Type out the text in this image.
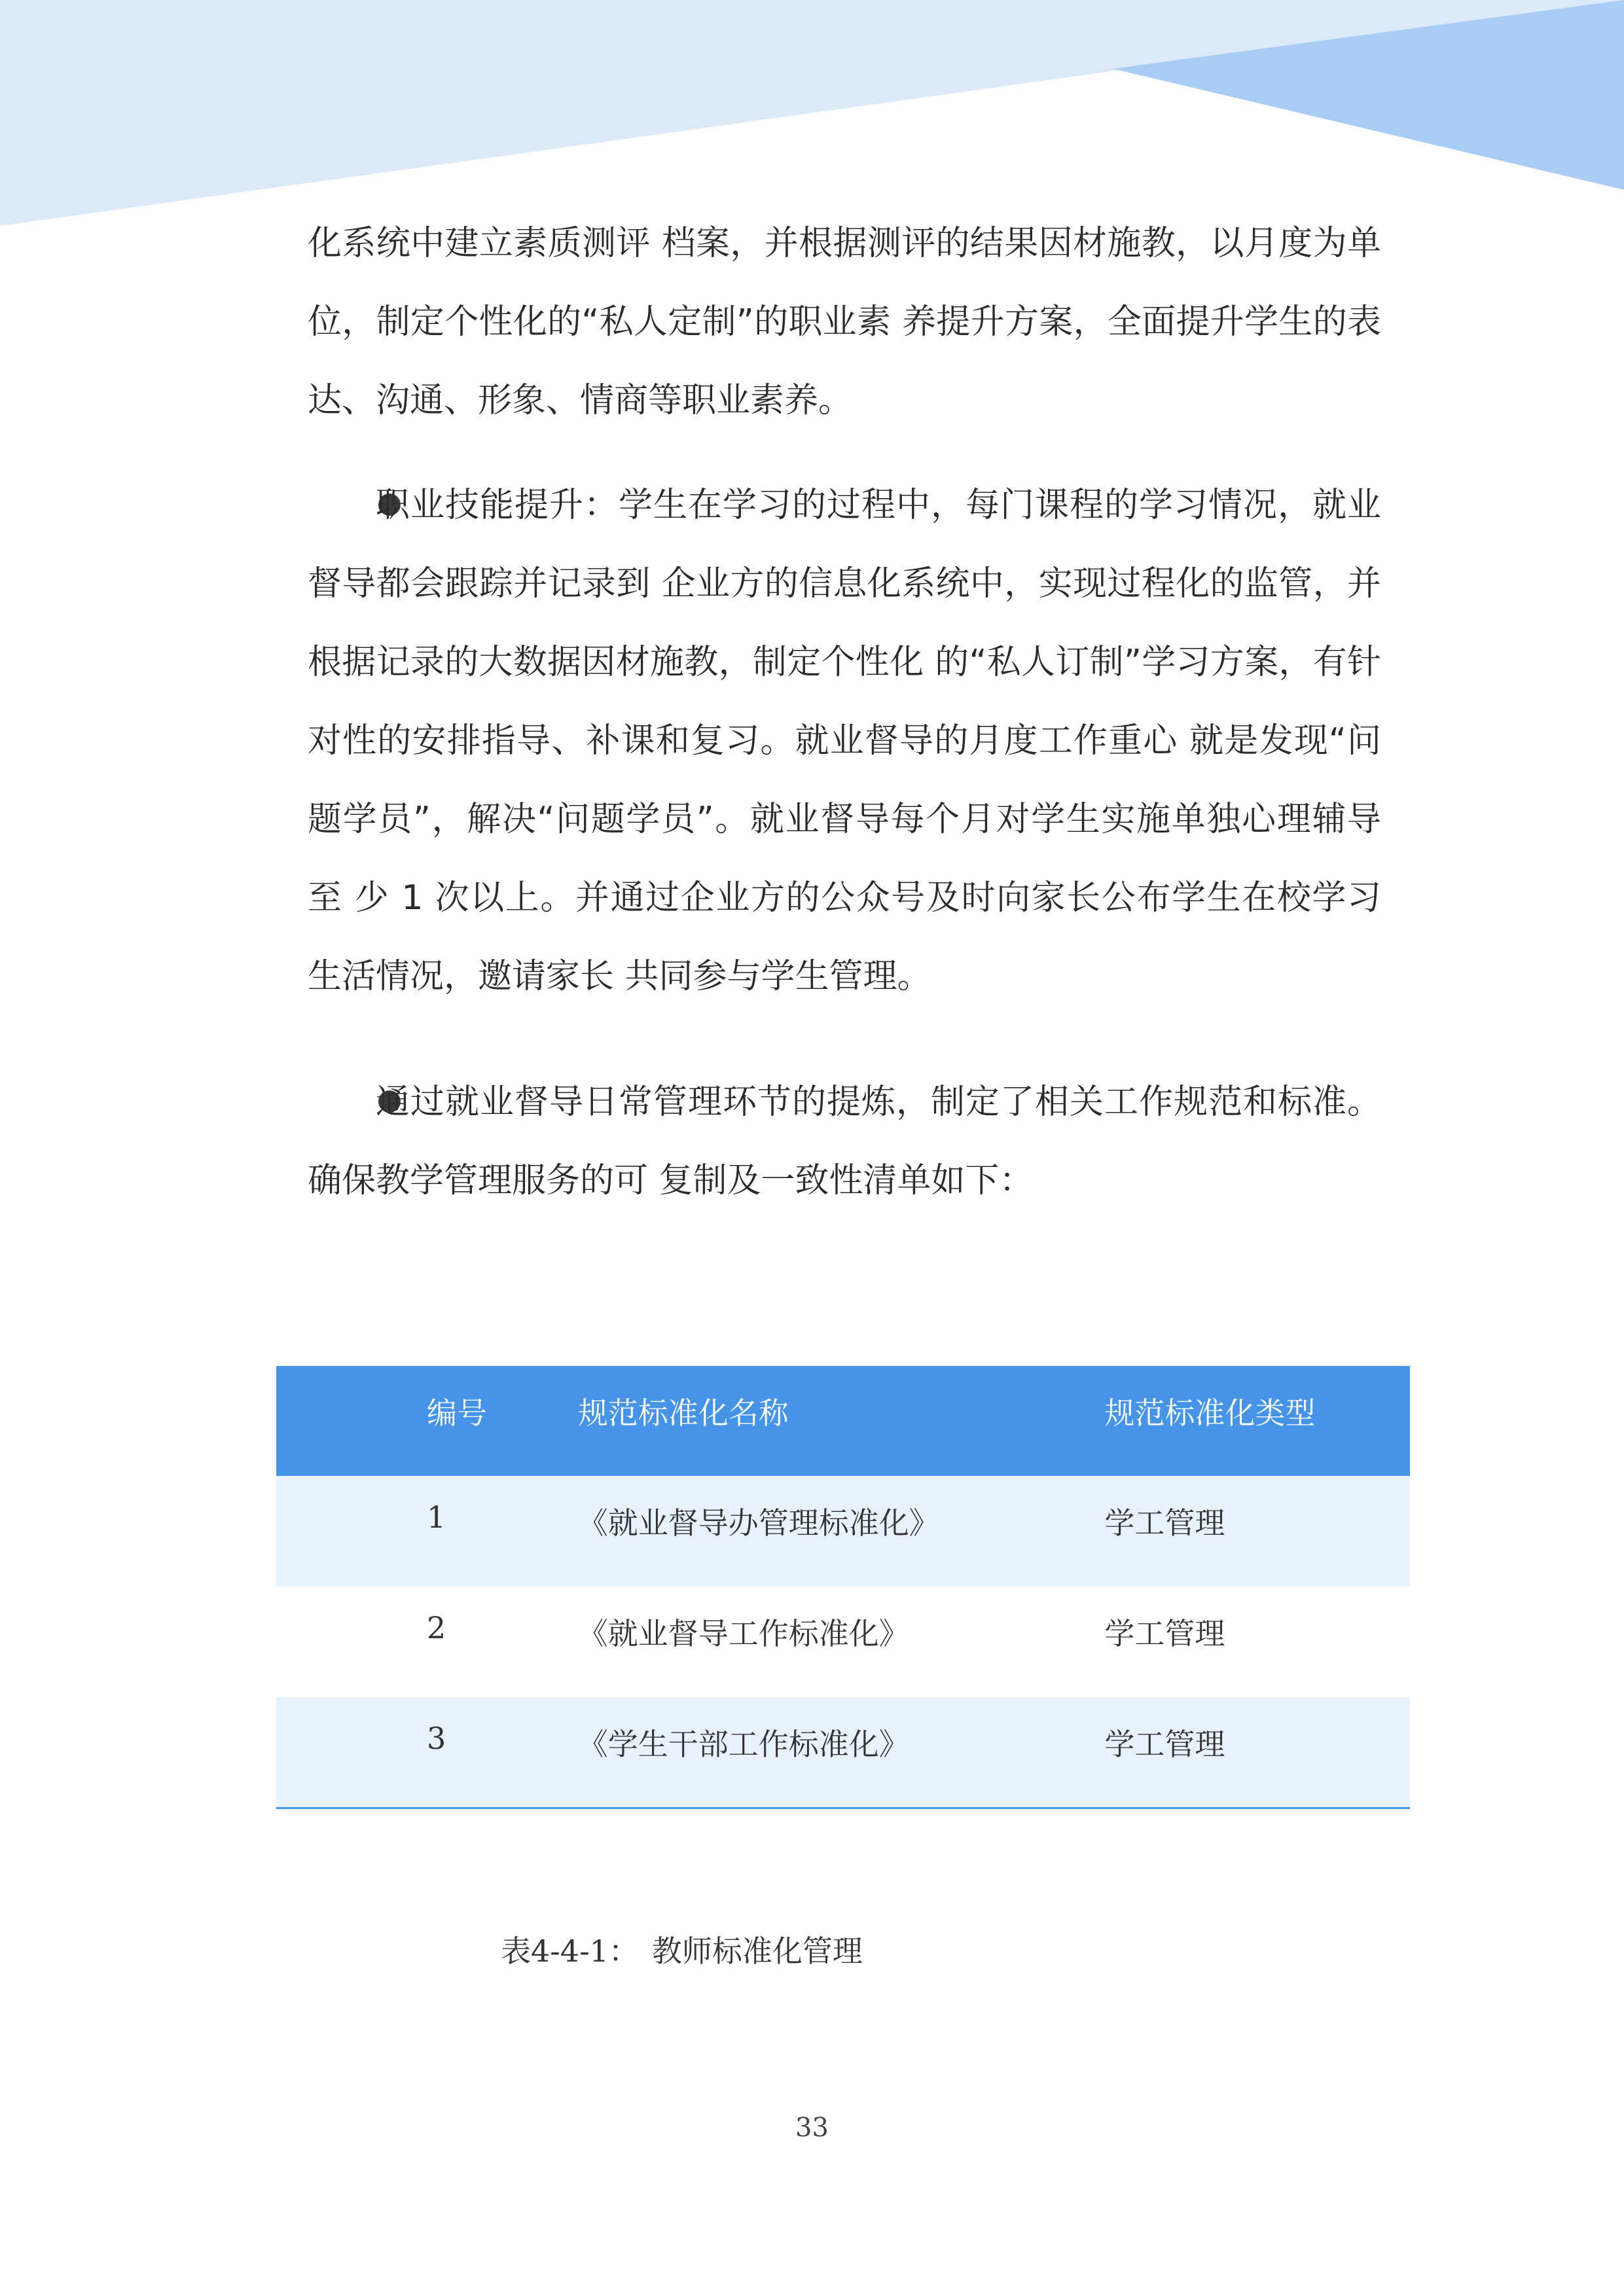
化系统中建立素质测评 档案，并根据测评的结果因材施教，以月度为单位，制定个性化的“私人定制”的职业素 养提升方案，全面提升学生的表达、沟通、形象、情商等职业素养。

职业技能提升：学生在学习的过程中，每门课程的学习情况，就业督导都会跟踪并记录到 企业方的信息化系统中，实现过程化的监管，并根据记录的大数据因材施教，制定个性化 的“私人订制”学习方案，有针对性的安排指导、补课和复习。就业督导的月度工作重心 就是发现“问题学员”，解决“问题学员”。就业督导每个月对学生实施单独心理辅导至 少 1 次以上。并通过企业方的公众号及时向家长公布学生在校学习生活情况，邀请家长 共同参与学生管理。

通过就业督导日常管理环节的提炼，制定了相关工作规范和标准。确保教学管理服务的可 复制及一致性清单如下：

编号	规范标准化名称	规范标准化类型
1	《就业督导办管理标准化》	学工管理
2	《就业督导工作标准化》	学工管理
3	《学生干部工作标准化》	学工管理
表4-4-1： 教师标准化管理
33
